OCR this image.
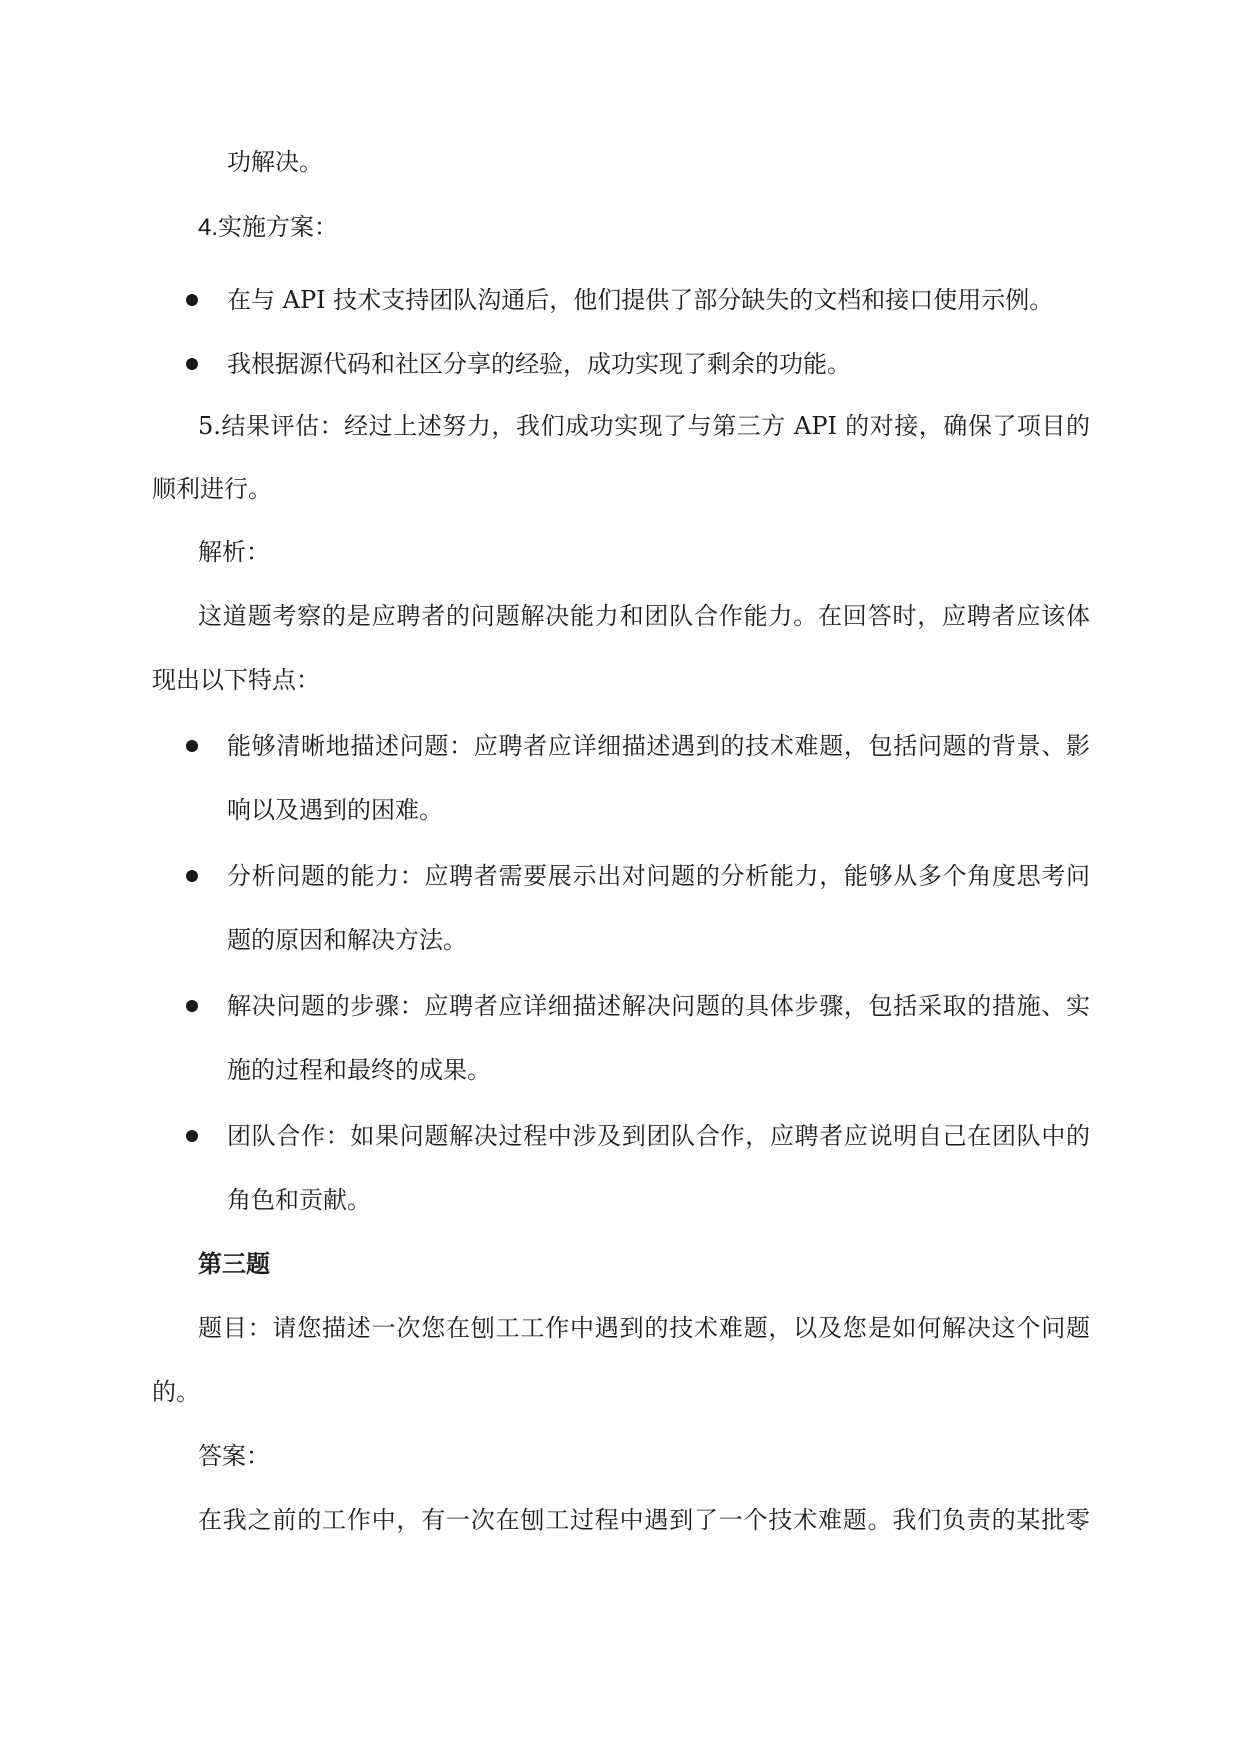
功解决。
4.实施方案：
在与 API 技术支持团队沟通后，他们提供了部分缺失的文档和接口使用示例。
我根据源代码和社区分享的经验，成功实现了剩余的功能。
5.结果评估：经过上述努力，我们成功实现了与第三方 API 的对接，确保了项目的
顺利进行。
解析：
这道题考察的是应聘者的问题解决能力和团队合作能力。在回答时，应聘者应该体
现出以下特点：
能够清晰地描述问题：应聘者应详细描述遇到的技术难题，包括问题的背景、影
响以及遇到的困难。
分析问题的能力：应聘者需要展示出对问题的分析能力，能够从多个角度思考问
题的原因和解决方法。
解决问题的步骤：应聘者应详细描述解决问题的具体步骤，包括采取的措施、实
施的过程和最终的成果。
团队合作：如果问题解决过程中涉及到团队合作，应聘者应说明自己在团队中的
角色和贡献。
第三题
题目：请您描述一次您在刨工工作中遇到的技术难题，以及您是如何解决这个问题
的。
答案：
在我之前的工作中，有一次在刨工过程中遇到了一个技术难题。我们负责的某批零
